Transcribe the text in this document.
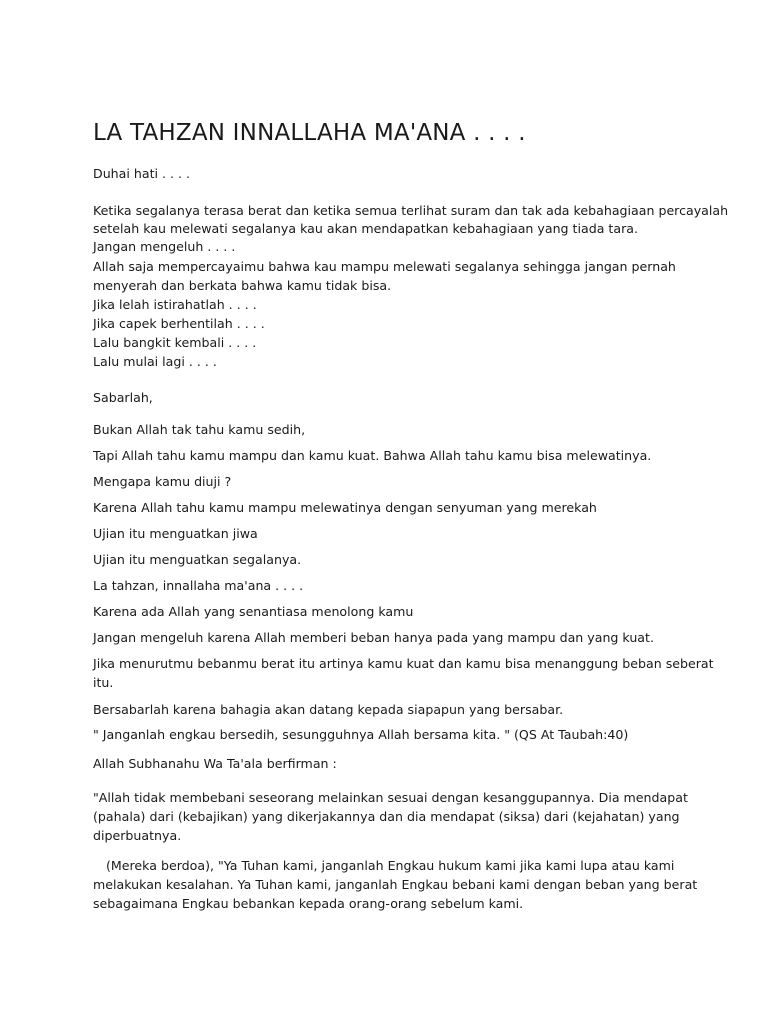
LA TAHZAN INNALLAHA MA'ANA . . . .
Duhai hati . . . .
Ketika segalanya terasa berat dan ketika semua terlihat suram dan tak ada kebahagiaan percayalah
setelah kau melewati segalanya kau akan mendapatkan kebahagiaan yang tiada tara.
Jangan mengeluh . . . .
Allah saja mempercayaimu bahwa kau mampu melewati segalanya sehingga jangan pernah
menyerah dan berkata bahwa kamu tidak bisa.
Jika lelah istirahatlah . . . .
Jika capek berhentilah . . . .
Lalu bangkit kembali . . . .
Lalu mulai lagi . . . .
Sabarlah,
Bukan Allah tak tahu kamu sedih,
Tapi Allah tahu kamu mampu dan kamu kuat. Bahwa Allah tahu kamu bisa melewatinya.
Mengapa kamu diuji ?
Karena Allah tahu kamu mampu melewatinya dengan senyuman yang merekah
Ujian itu menguatkan jiwa
Ujian itu menguatkan segalanya.
La tahzan, innallaha ma'ana . . . .
Karena ada Allah yang senantiasa menolong kamu
Jangan mengeluh karena Allah memberi beban hanya pada yang mampu dan yang kuat.
Jika menurutmu bebanmu berat itu artinya kamu kuat dan kamu bisa menanggung beban seberat
itu.
Bersabarlah karena bahagia akan datang kepada siapapun yang bersabar.
" Janganlah engkau bersedih, sesungguhnya Allah bersama kita. " (QS At Taubah:40)
Allah Subhanahu Wa Ta'ala berfirman :
"Allah tidak membebani seseorang melainkan sesuai dengan kesanggupannya. Dia mendapat
(pahala) dari (kebajikan) yang dikerjakannya dan dia mendapat (siksa) dari (kejahatan) yang
diperbuatnya.
(Mereka berdoa), "Ya Tuhan kami, janganlah Engkau hukum kami jika kami lupa atau kami
melakukan kesalahan. Ya Tuhan kami, janganlah Engkau bebani kami dengan beban yang berat
sebagaimana Engkau bebankan kepada orang-orang sebelum kami.
